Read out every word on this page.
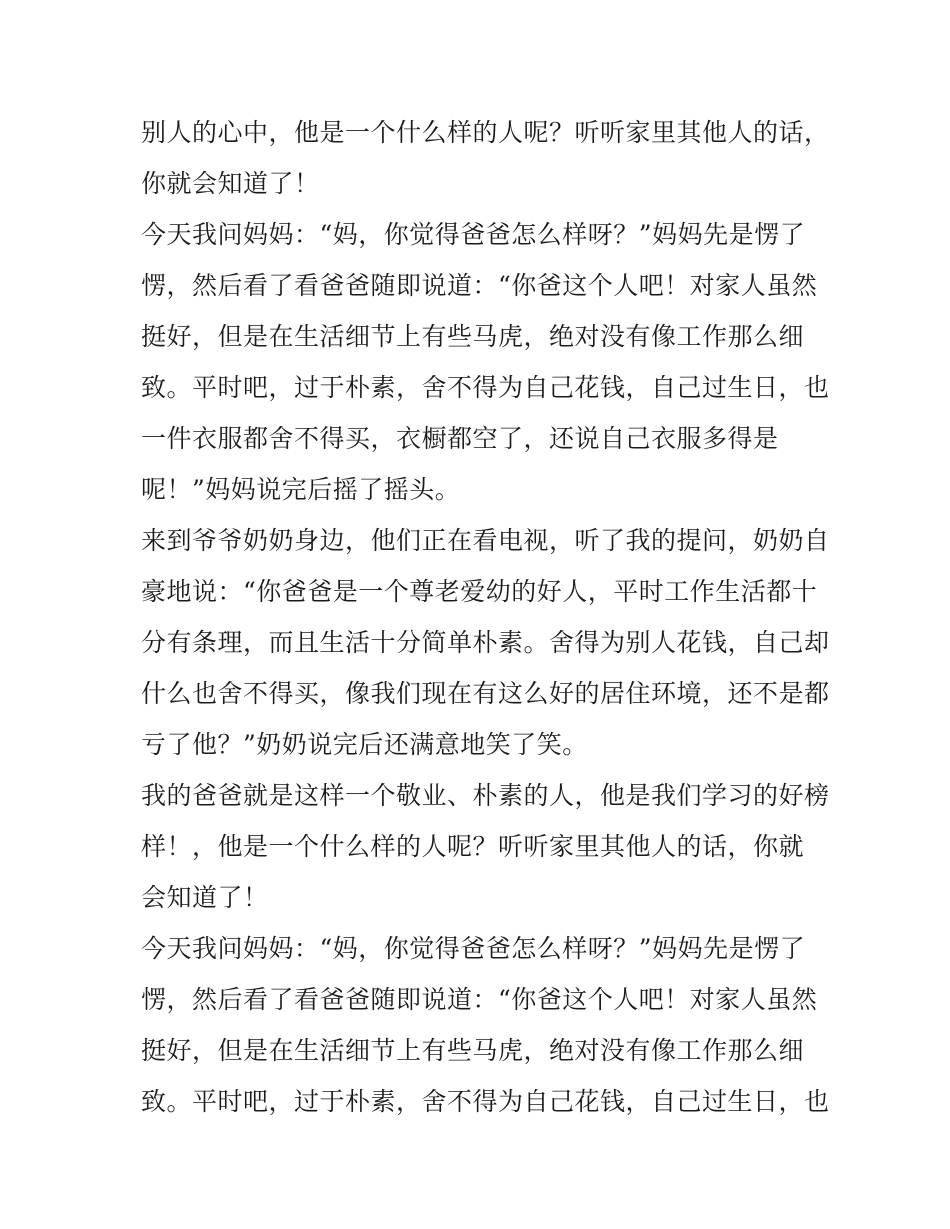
别人的心中，他是一个什么样的人呢？听听家里其他人的话，
你就会知道了！
今天我问妈妈：“妈，你觉得爸爸怎么样呀？”妈妈先是愣了
愣，然后看了看爸爸随即说道：“你爸这个人吧！对家人虽然
挺好，但是在生活细节上有些马虎，绝对没有像工作那么细
致。平时吧，过于朴素，舍不得为自己花钱，自己过生日，也
一件衣服都舍不得买，衣橱都空了，还说自己衣服多得是
呢！”妈妈说完后摇了摇头。
来到爷爷奶奶身边，他们正在看电视，听了我的提问，奶奶自
豪地说：“你爸爸是一个尊老爱幼的好人，平时工作生活都十
分有条理，而且生活十分简单朴素。舍得为别人花钱，自己却
什么也舍不得买，像我们现在有这么好的居住环境，还不是都
亏了他？”奶奶说完后还满意地笑了笑。
我的爸爸就是这样一个敬业、朴素的人，他是我们学习的好榜
样！，他是一个什么样的人呢？听听家里其他人的话，你就
会知道了！
今天我问妈妈：“妈，你觉得爸爸怎么样呀？”妈妈先是愣了
愣，然后看了看爸爸随即说道：“你爸这个人吧！对家人虽然
挺好，但是在生活细节上有些马虎，绝对没有像工作那么细
致。平时吧，过于朴素，舍不得为自己花钱，自己过生日，也
